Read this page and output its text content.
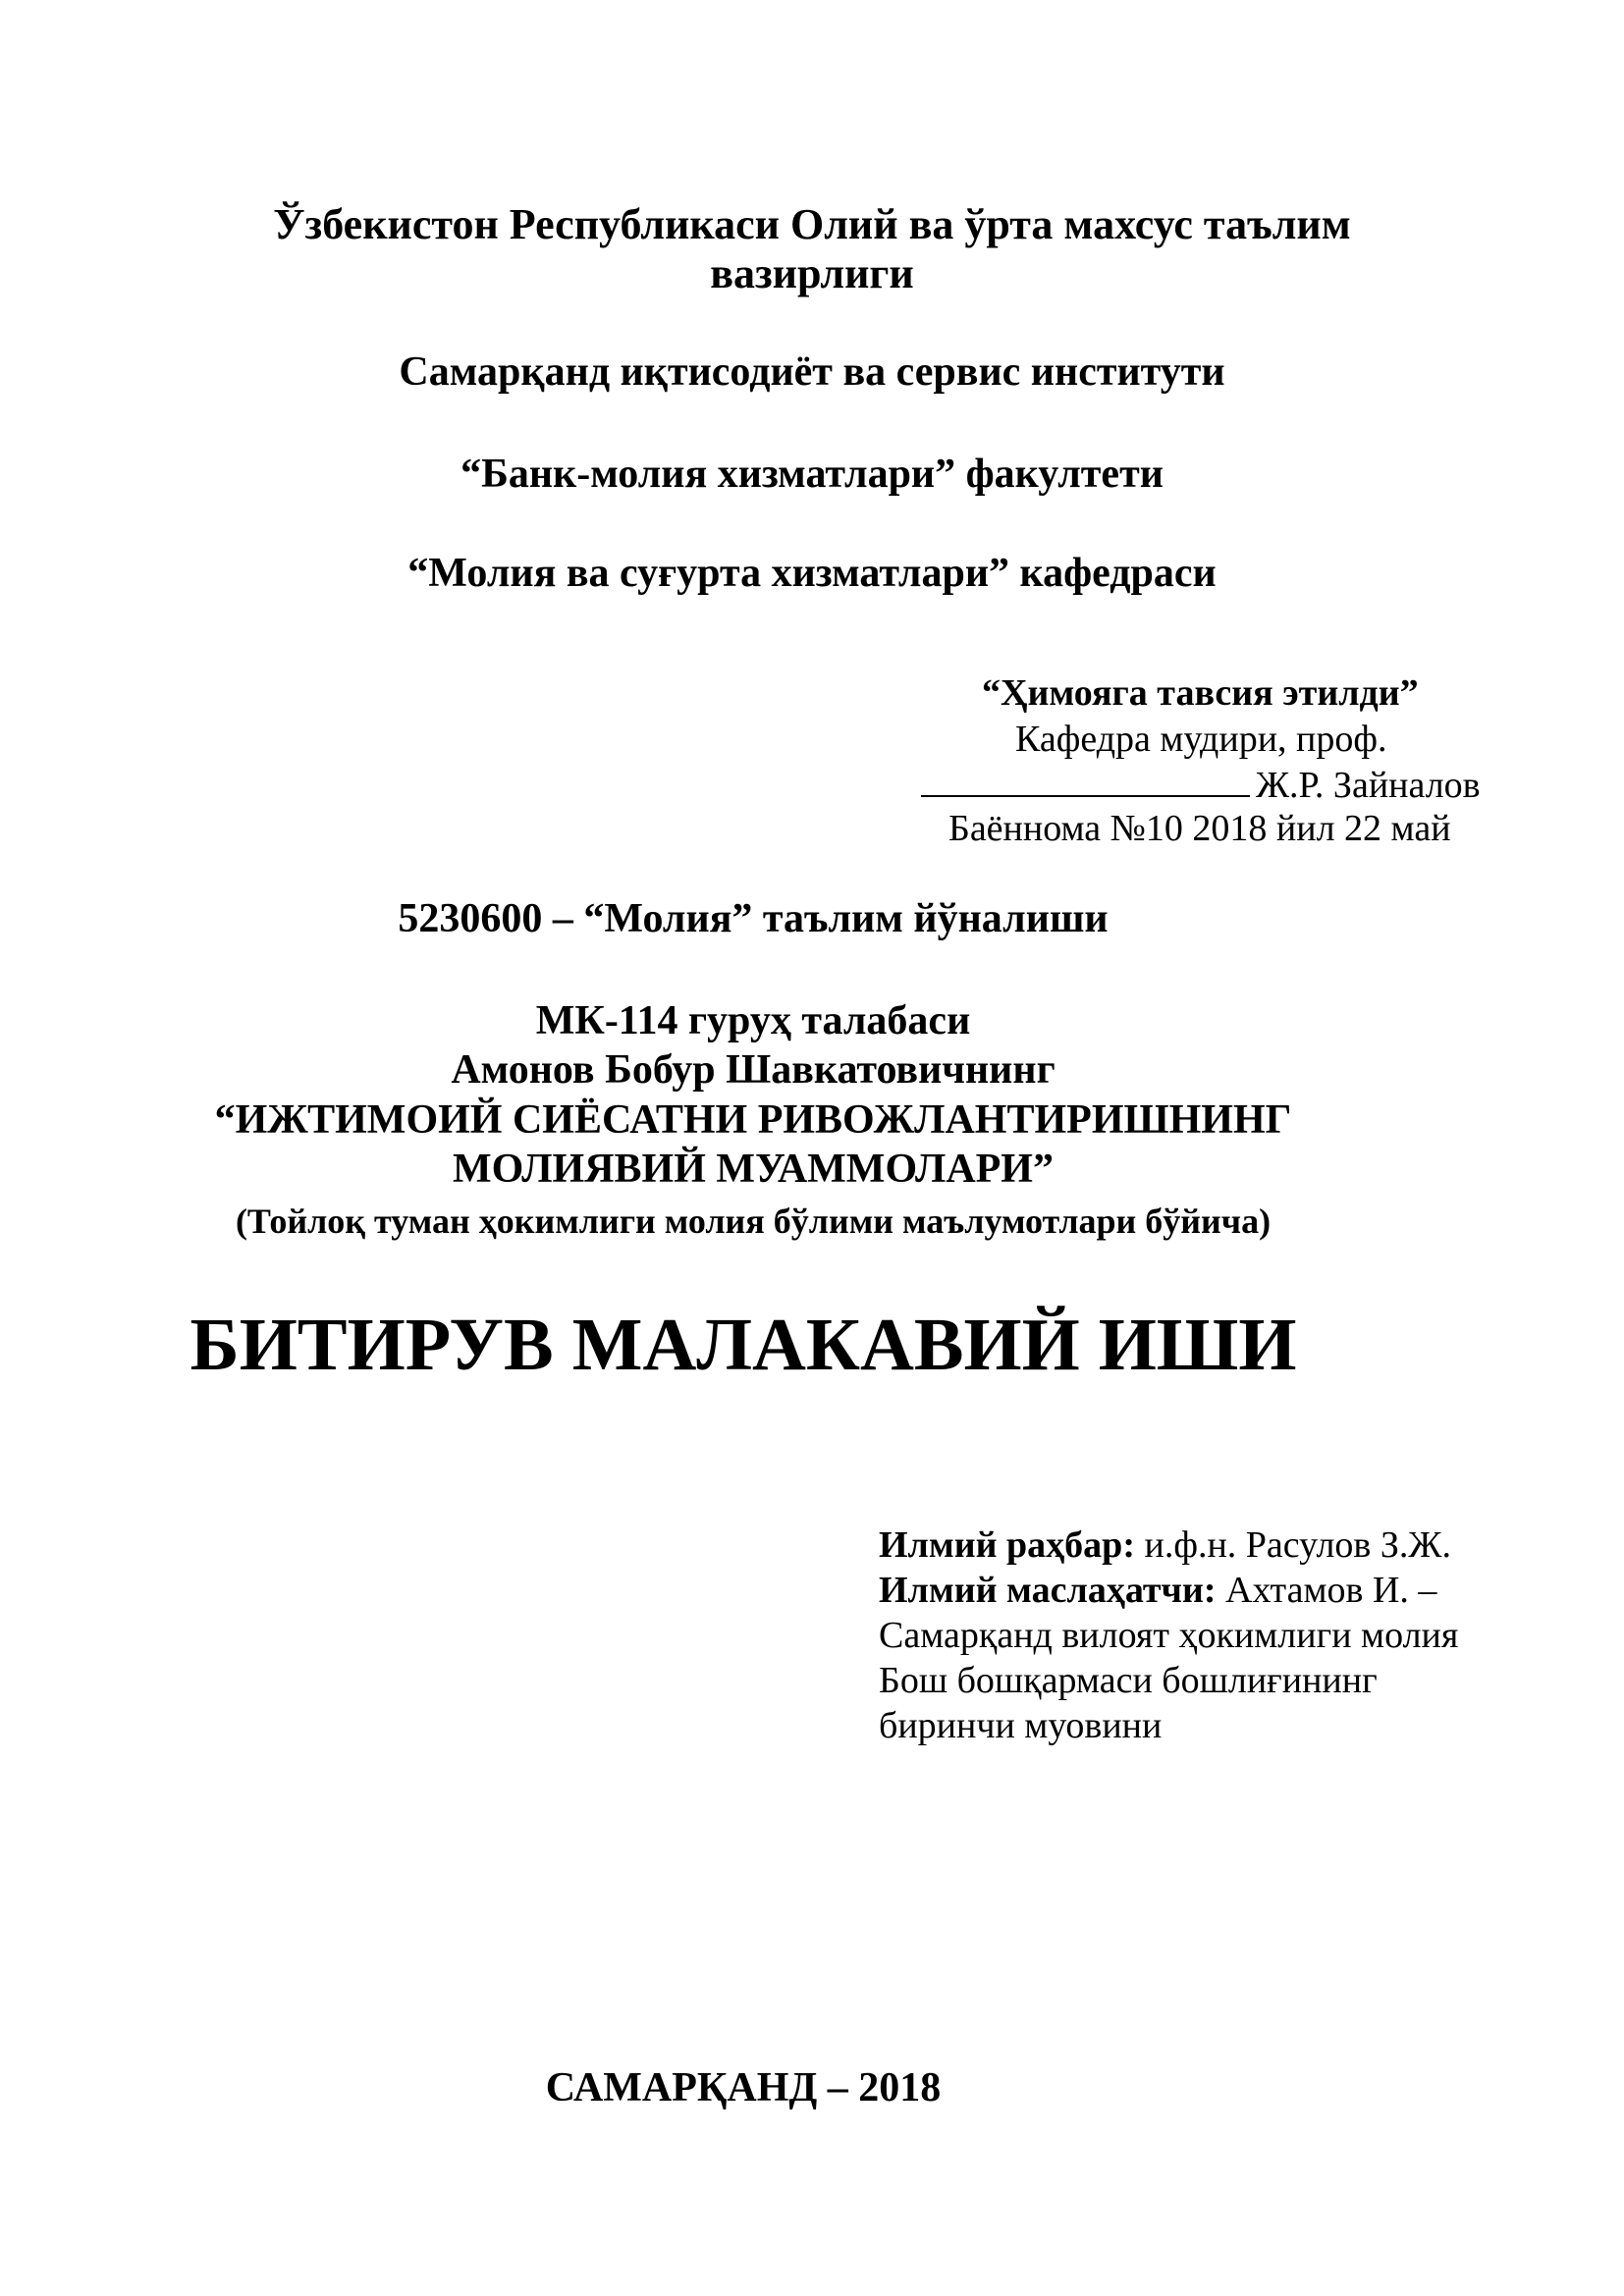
Ўзбекистон Республикаси Олий ва ўрта махсус таълим

вазирлиги

Самарқанд иқтисодиёт ва сервис институти

“Банк-молия хизматлари” факултети

“Молия ва суғурта хизматлари” кафедраси

“Ҳимояга тавсия этилди”

Кафедра мудири, проф.

Ж.Р. Зайналов

Баённома №10 2018 йил 22 май

5230600 – “Молия” таълим йўналиши

МК-114 гуруҳ талабаси

Амонов Бобур Шавкатовичнинг

“ИЖТИМОИЙ СИЁСАТНИ РИВОЖЛАНТИРИШНИНГ

МОЛИЯВИЙ МУАММОЛАРИ”

(Тойлоқ туман ҳокимлиги молия бўлими маълумотлари бўйича)

БИТИРУВ МАЛАКАВИЙ ИШИ

Илмий раҳбар: и.ф.н. Расулов З.Ж.

Илмий маслаҳатчи: Ахтамов И. –

Самарқанд вилоят ҳокимлиги молия

Бош бошқармаси бошлиғининг

биринчи муовини

САМАРҚАНД – 2018
